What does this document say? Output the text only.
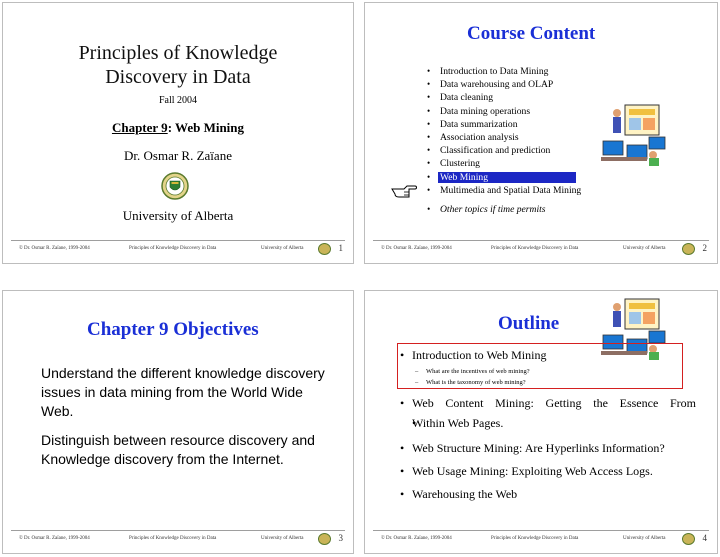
Principles of Knowledge
Discovery in Data
Fall 2004
Chapter 9: Web Mining
Dr. Osmar R. Zaïane
University of Alberta
© Dr. Osmar R. Zaïane, 1999-2004	Principles of Knowledge Discovery in Data	University of Alberta	1
Course Content
• Introduction to Data Mining
• Data warehousing and OLAP
• Data cleaning
• Data mining operations
• Data summarization
• Association analysis
• Classification and prediction
• Clustering
• Web Mining
• Multimedia and Spatial Data Mining
• Other topics if time permits
© Dr. Osmar R. Zaïane, 1999-2004	Principles of Knowledge Discovery in Data	University of Alberta	2
Chapter 9 Objectives
Understand the different knowledge discovery
issues in data mining from the World Wide
Web.
Distinguish between resource discovery and
Knowledge discovery from the Internet.
© Dr. Osmar R. Zaïane, 1999-2004	Principles of Knowledge Discovery in Data	University of Alberta	3
Outline
• Introduction to Web Mining
– What are the incentives of web mining?
– What is the taxonomy of web mining?
• Web Content Mining: Getting the Essence From
• Within Web Pages.
• Web Structure Mining: Are Hyperlinks Information?
• Web Usage Mining: Exploiting Web Access Logs.
• Warehousing the Web
© Dr. Osmar R. Zaïane, 1999-2004	Principles of Knowledge Discovery in Data	University of Alberta	4
